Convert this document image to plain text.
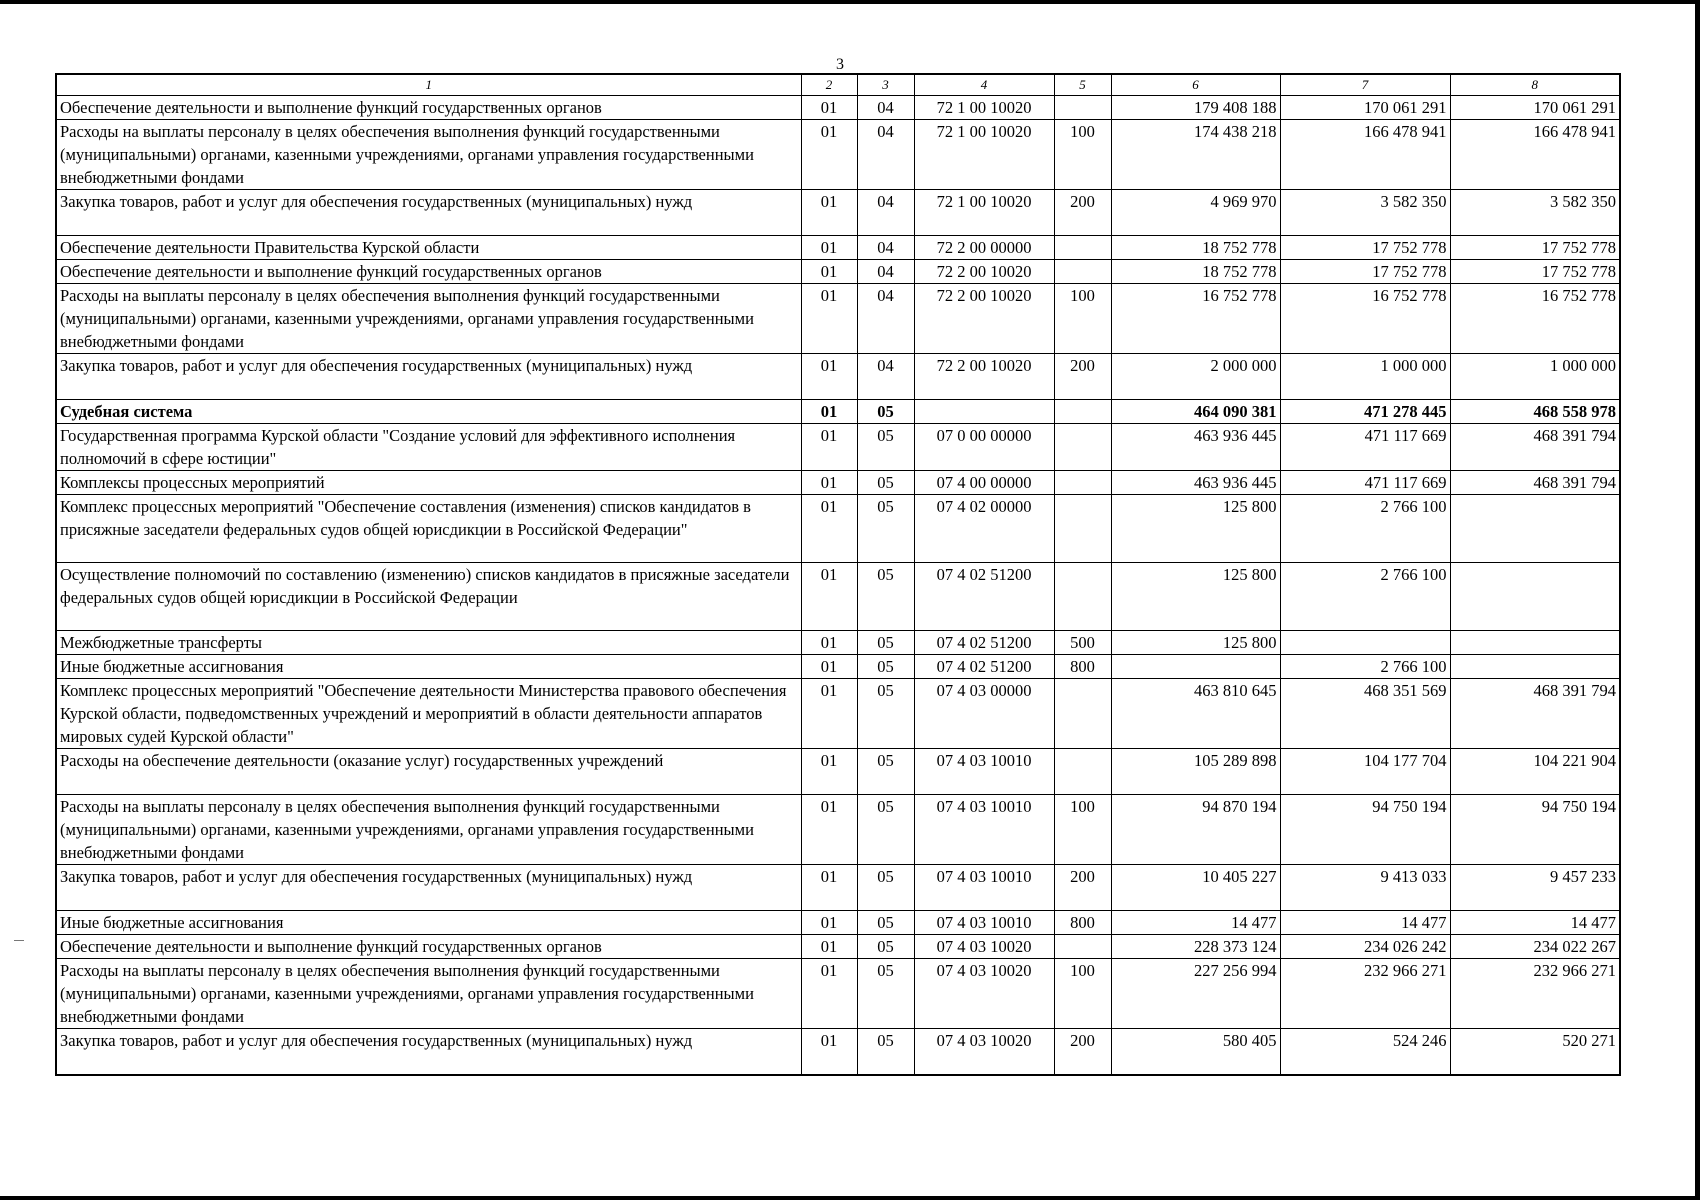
3
1	2	3	4	5	6	7	8
Обеспечение деятельности и выполнение функций государственных органов	01	04	72 1 00 10020		179 408 188	170 061 291	170 061 291
Расходы на выплаты персоналу в целях обеспечения выполнения функций государственными (муниципальными) органами, казенными учреждениями, органами управления государственными внебюджетными фондами	01	04	72 1 00 10020	100	174 438 218	166 478 941	166 478 941
Закупка товаров, работ и услуг для обеспечения государственных (муниципальных) нужд	01	04	72 1 00 10020	200	4 969 970	3 582 350	3 582 350
Обеспечение деятельности Правительства Курской области	01	04	72 2 00 00000		18 752 778	17 752 778	17 752 778
Обеспечение деятельности и выполнение функций государственных органов	01	04	72 2 00 10020		18 752 778	17 752 778	17 752 778
Расходы на выплаты персоналу в целях обеспечения выполнения функций государственными (муниципальными) органами, казенными учреждениями, органами управления государственными внебюджетными фондами	01	04	72 2 00 10020	100	16 752 778	16 752 778	16 752 778
Закупка товаров, работ и услуг для обеспечения государственных (муниципальных) нужд	01	04	72 2 00 10020	200	2 000 000	1 000 000	1 000 000
Судебная система	01	05			464 090 381	471 278 445	468 558 978
Государственная программа Курской области "Создание условий для эффективного исполнения полномочий в сфере юстиции"	01	05	07 0 00 00000		463 936 445	471 117 669	468 391 794
Комплексы процессных мероприятий	01	05	07 4 00 00000		463 936 445	471 117 669	468 391 794
Комплекс процессных мероприятий "Обеспечение составления (изменения) списков кандидатов в присяжные заседатели федеральных судов общей юрисдикции в Российской Федерации"	01	05	07 4 02 00000		125 800	2 766 100	
Осуществление полномочий по составлению (изменению) списков кандидатов в присяжные заседатели федеральных судов общей юрисдикции в Российской Федерации	01	05	07 4 02 51200		125 800	2 766 100	
Межбюджетные трансферты	01	05	07 4 02 51200	500	125 800		
Иные бюджетные ассигнования	01	05	07 4 02 51200	800		2 766 100	
Комплекс процессных мероприятий "Обеспечение деятельности Министерства правового обеспечения Курской области, подведомственных учреждений и мероприятий в области деятельности аппаратов мировых судей Курской области"	01	05	07 4 03 00000		463 810 645	468 351 569	468 391 794
Расходы на обеспечение деятельности (оказание услуг) государственных учреждений	01	05	07 4 03 10010		105 289 898	104 177 704	104 221 904
Расходы на выплаты персоналу в целях обеспечения выполнения функций государственными (муниципальными) органами, казенными учреждениями, органами управления государственными внебюджетными фондами	01	05	07 4 03 10010	100	94 870 194	94 750 194	94 750 194
Закупка товаров, работ и услуг для обеспечения государственных (муниципальных) нужд	01	05	07 4 03 10010	200	10 405 227	9 413 033	9 457 233
Иные бюджетные ассигнования	01	05	07 4 03 10010	800	14 477	14 477	14 477
Обеспечение деятельности и выполнение функций государственных органов	01	05	07 4 03 10020		228 373 124	234 026 242	234 022 267
Расходы на выплаты персоналу в целях обеспечения выполнения функций государственными (муниципальными) органами, казенными учреждениями, органами управления государственными внебюджетными фондами	01	05	07 4 03 10020	100	227 256 994	232 966 271	232 966 271
Закупка товаров, работ и услуг для обеспечения государственных (муниципальных) нужд	01	05	07 4 03 10020	200	580 405	524 246	520 271
